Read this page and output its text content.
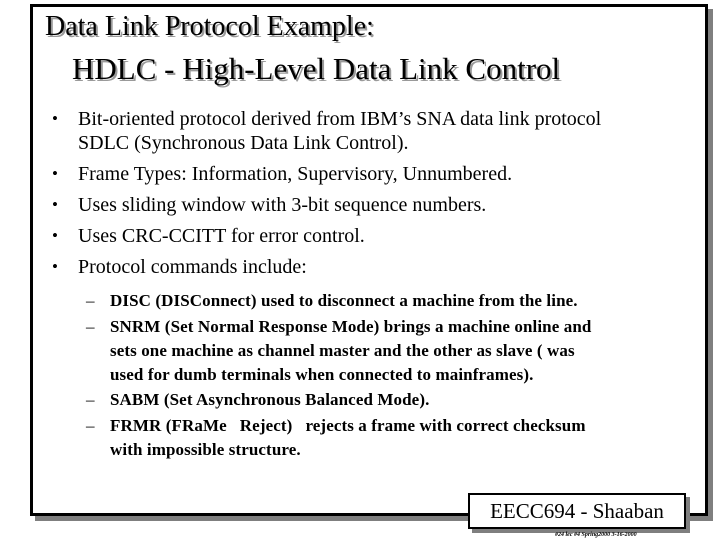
Data Link Protocol Example:
HDLC - High-Level Data Link Control
• Bit-oriented protocol derived from IBM’s SNA data link protocol
SDLC (Synchronous Data Link Control).
• Frame Types: Information, Supervisory, Unnumbered.
• Uses sliding window with 3-bit sequence numbers.
• Uses CRC-CCITT for error control.
• Protocol commands include:
– DISC (DISConnect) used to disconnect a machine from the line.
– SNRM (Set Normal Response Mode) brings a machine online and
sets one machine as channel master and the other as slave ( was
used for dumb terminals when connected to mainframes).
– SABM (Set Asynchronous Balanced Mode).
– FRMR (FRaMe   Reject)   rejects a frame with correct checksum
with impossible structure.
EECC694 - Shaaban
#24 lec #4 Spring2000 3-16-2000
